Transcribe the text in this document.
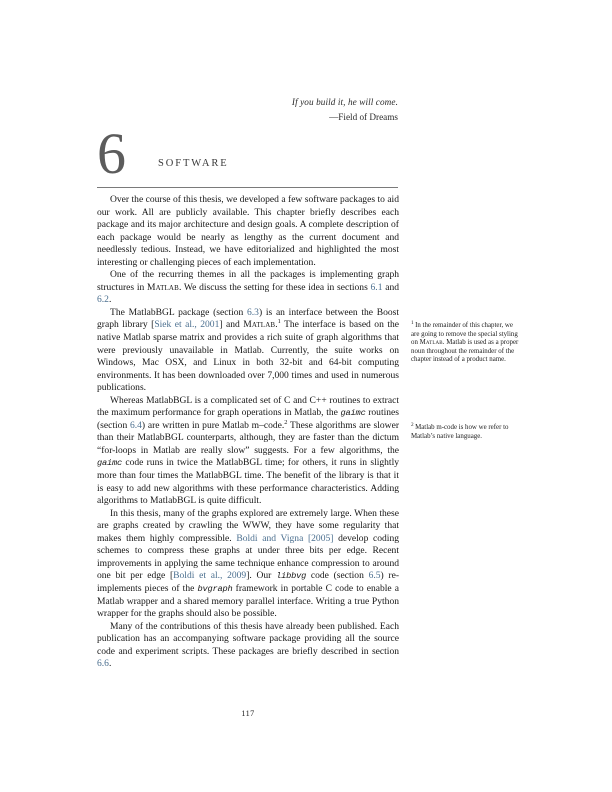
If you build it, he will come.
—Field of Dreams
6	SOFTWARE

Over the course of this thesis, we developed a few software packages to aid our work. All are publicly available. This chapter briefly describes each package and its major architecture and design goals. A complete description of each package would be nearly as lengthy as the current document and needlessly tedious. Instead, we have editorialized and highlighted the most interesting or challenging pieces of each implementation.

One of the recurring themes in all the packages is implementing graph structures in Matlab. We discuss the setting for these idea in sections 6.1 and 6.2.

The MatlabBGL package (section 6.3) is an interface between the Boost graph library [Siek et al., 2001] and Matlab.$^1$ The interface is based on the native Matlab sparse matrix and provides a rich suite of graph algorithms that were previously unavailable in Matlab. Currently, the suite works on Windows, Mac OSX, and Linux in both 32-bit and 64-bit computing environments. It has been downloaded over 7,000 times and used in numerous publications.

Whereas MatlabBGL is a complicated set of C and C++ routines to extract the maximum performance for graph operations in Matlab, the gaimc routines (section 6.4) are written in pure Matlab m–code.$^2$ These algorithms are slower than their MatlabBGL counterparts, although, they are faster than the dictum “for-loops in Matlab are really slow” suggests. For a few algorithms, the gaimc code runs in twice the MatlabBGL time; for others, it runs in slightly more than four times the MatlabBGL time. The benefit of the library is that it is easy to add new algorithms with these performance characteristics. Adding algorithms to MatlabBGL is quite difficult.

In this thesis, many of the graphs explored are extremely large. When these are graphs created by crawling the WWW, they have some regularity that makes them highly compressible. Boldi and Vigna [2005] develop coding schemes to compress these graphs at under three bits per edge. Recent improvements in applying the same technique enhance compression to around one bit per edge [Boldi et al., 2009]. Our libbvg code (section 6.5) re-implements pieces of the bvgraph framework in portable C code to enable a Matlab wrapper and a shared memory parallel interface. Writing a true Python wrapper for the graphs should also be possible.

Many of the contributions of this thesis have already been published. Each publication has an accompanying software package providing all the source code and experiment scripts. These packages are briefly described in section 6.6.

$^1$ In the remainder of this chapter, we are going to remove the special styling on Matlab. Matlab is used as a proper noun throughout the remainder of the chapter instead of a product name.
$^2$ Matlab m-code is how we refer to Matlab’s native language.
117
